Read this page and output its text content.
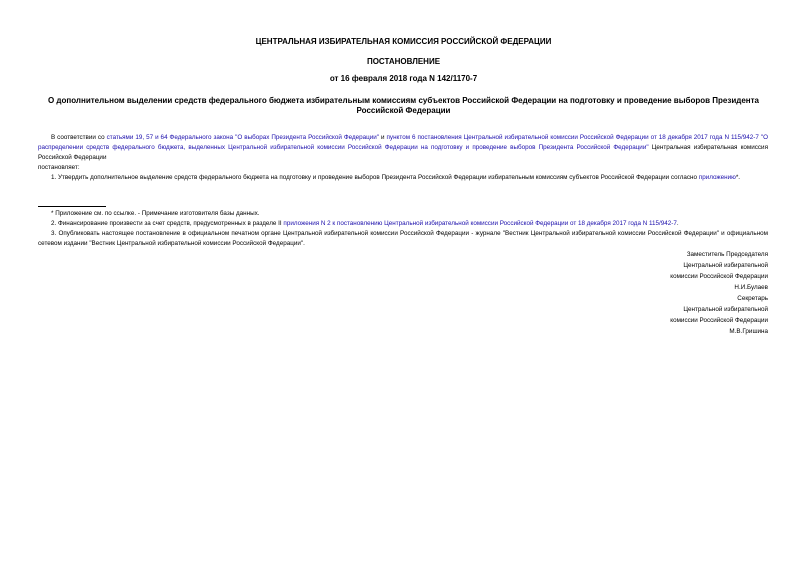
ЦЕНТРАЛЬНАЯ ИЗБИРАТЕЛЬНАЯ КОМИССИЯ РОССИЙСКОЙ ФЕДЕРАЦИИ
ПОСТАНОВЛЕНИЕ
от 16 февраля 2018 года N 142/1170-7
О дополнительном выделении средств федерального бюджета избирательным комиссиям субъектов Российской Федерации на подготовку и проведение выборов Президента Российской Федерации

В соответствии со статьями 19, 57 и 64 Федерального закона "О выборах Президента Российской Федерации" и пунктом 6 постановления Центральной избирательной комиссии Российской Федерации от 18 декабря 2017 года N 115/942-7 "О распределении средств федерального бюджета, выделенных Центральной избирательной комиссии Российской Федерации на подготовку и проведение выборов Президента Российской Федерации" Центральная избирательная комиссия Российской Федерации

постановляет:

1. Утвердить дополнительное выделение средств федерального бюджета на подготовку и проведение выборов Президента Российской Федерации избирательным комиссиям субъектов Российской Федерации согласно приложению*.

* Приложение см. по ссылке. - Примечание изготовителя базы данных.

2. Финансирование произвести за счет средств, предусмотренных в разделе II приложения N 2 к постановлению Центральной избирательной комиссии Российской Федерации от 18 декабря 2017 года N 115/942-7.

3. Опубликовать настоящее постановление в официальном печатном органе Центральной избирательной комиссии Российской Федерации - журнале "Вестник Центральной избирательной комиссии Российской Федерации" и официальном сетевом издании "Вестник Центральной избирательной комиссии Российской Федерации".

Заместитель Председателя
Центральной избирательной
комиссии Российской Федерации
Н.И.Булаев
Секретарь
Центральной избирательной
комиссии Российской Федерации
М.В.Гришина
